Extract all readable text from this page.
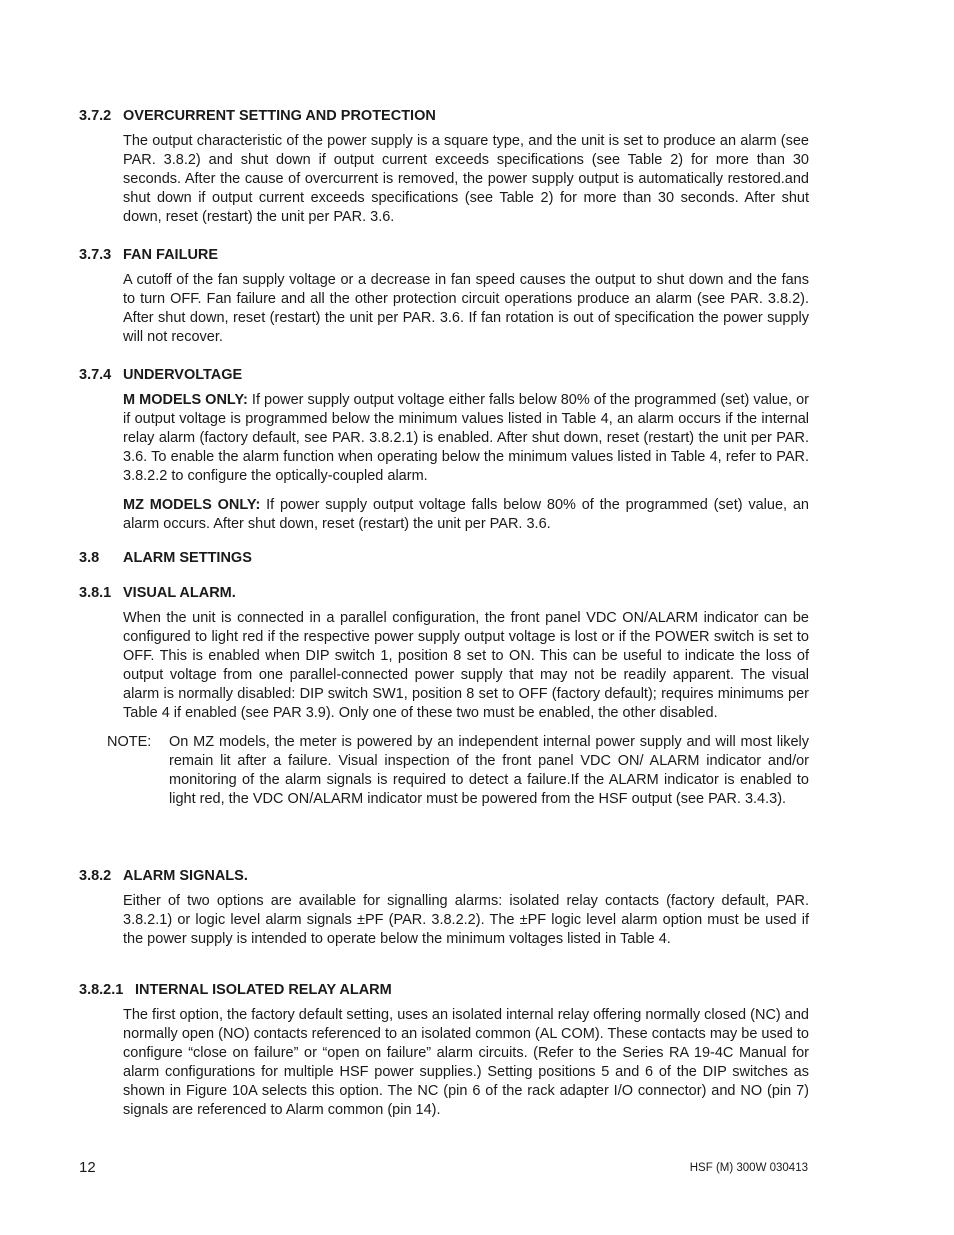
3.7.2 OVERCURRENT SETTING AND PROTECTION

The output characteristic of the power supply is a square type, and the unit is set to produce an alarm (see PAR. 3.8.2) and shut down if output current exceeds specifications (see Table 2) for more than 30 seconds. After the cause of overcurrent is removed, the power supply output is automatically restored.and shut down if output current exceeds specifications (see Table 2) for more than 30 seconds. After shut down, reset (restart) the unit per PAR. 3.6.

3.7.3 FAN FAILURE

A cutoff of the fan supply voltage or a decrease in fan speed causes the output to shut down and the fans to turn OFF. Fan failure and all the other protection circuit operations produce an alarm (see PAR. 3.8.2). After shut down, reset (restart) the unit per PAR. 3.6. If fan rotation is out of specification the power supply will not recover.

3.7.4 UNDERVOLTAGE

M MODELS ONLY: If power supply output voltage either falls below 80% of the programmed (set) value, or if output voltage is programmed below the minimum values listed in Table 4, an alarm occurs if the internal relay alarm (factory default, see PAR. 3.8.2.1) is enabled. After shut down, reset (restart) the unit per PAR. 3.6. To enable the alarm function when operating below the minimum values listed in Table 4, refer to PAR. 3.8.2.2 to configure the optically-coupled alarm.

MZ MODELS ONLY: If power supply output voltage falls below 80% of the programmed (set) value, an alarm occurs. After shut down, reset (restart) the unit per PAR. 3.6.

3.8 ALARM SETTINGS
3.8.1 VISUAL ALARM.

When the unit is connected in a parallel configuration, the front panel VDC ON/ALARM indicator can be configured to light red if the respective power supply output voltage is lost or if the POWER switch is set to OFF. This is enabled when DIP switch 1, position 8 set to ON. This can be useful to indicate the loss of output voltage from one parallel-connected power supply that may not be readily apparent. The visual alarm is normally disabled: DIP switch SW1, position 8 set to OFF (factory default); requires minimums per Table 4 if enabled (see PAR 3.9). Only one of these two must be enabled, the other disabled.

NOTE:	On MZ models, the meter is powered by an independent internal power supply and will most likely remain lit after a failure. Visual inspection of the front panel VDC ON/ ALARM indicator and/or monitoring of the alarm signals is required to detect a failure.If the ALARM indicator is enabled to light red, the VDC ON/ALARM indicator must be powered from the HSF output (see PAR. 3.4.3).
3.8.2 ALARM SIGNALS.

Either of two options are available for signalling alarms: isolated relay contacts (factory default, PAR. 3.8.2.1) or logic level alarm signals ±PF (PAR. 3.8.2.2). The ±PF logic level alarm option must be used if the power supply is intended to operate below the minimum voltages listed in Table 4.

3.8.2.1 INTERNAL ISOLATED RELAY ALARM

The first option, the factory default setting, uses an isolated internal relay offering normally closed (NC) and normally open (NO) contacts referenced to an isolated common (AL COM). These contacts may be used to configure “close on failure” or “open on failure” alarm circuits. (Refer to the Series RA 19-4C Manual for alarm configurations for multiple HSF power supplies.) Setting positions 5 and 6 of the DIP switches as shown in Figure 10A selects this option. The NC (pin 6 of the rack adapter I/O connector) and NO (pin 7) signals are referenced to Alarm common (pin 14).

12	HSF (M) 300W 030413
